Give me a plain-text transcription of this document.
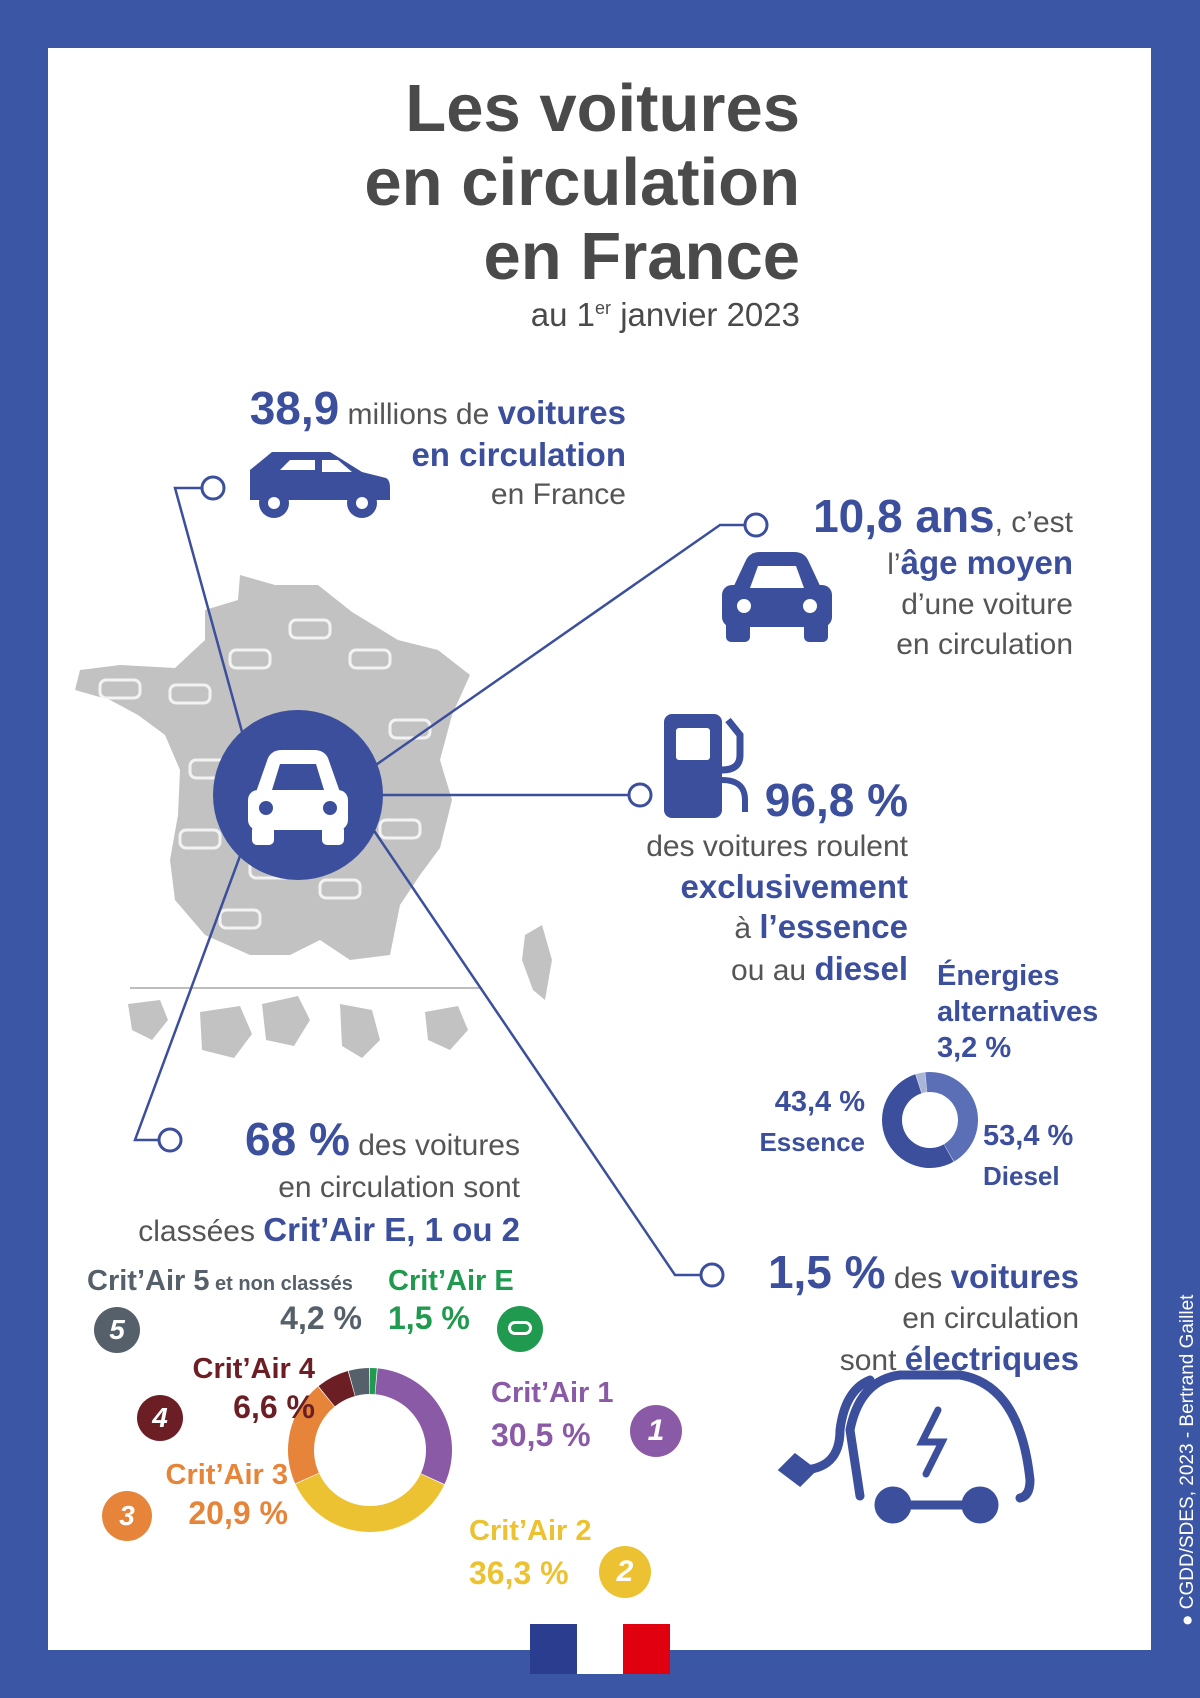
Les voitures
en circulation
en France
au 1er janvier 2023
38,9 millions de voitures
en circulation
en France	10,8 ans, c’est
l’âge moyen
d’une voiture
en circulation
96,8 %
des voitures roulent
exclusivement
à l’essence
ou au diesel Énergies
alternatives
3,2 %
43,4 %
Essence	53,4 %
Diesel
68 % des voitures
en circulation sont
classées Crit’Air E, 1 ou 2
1,5 % des voitures
en circulation
sont électriques
Crit’Air E
1,5 %
Crit’Air 5 et non classés
4,2 %
5
Crit’Air 4
6,6 %
4
Crit’Air 1
30,5 %	1
Crit’Air 3
20,9 %
3	Crit’Air 2
36,3 %	2	● CGDD/SDES, 2023 - Bertrand Gaillet
